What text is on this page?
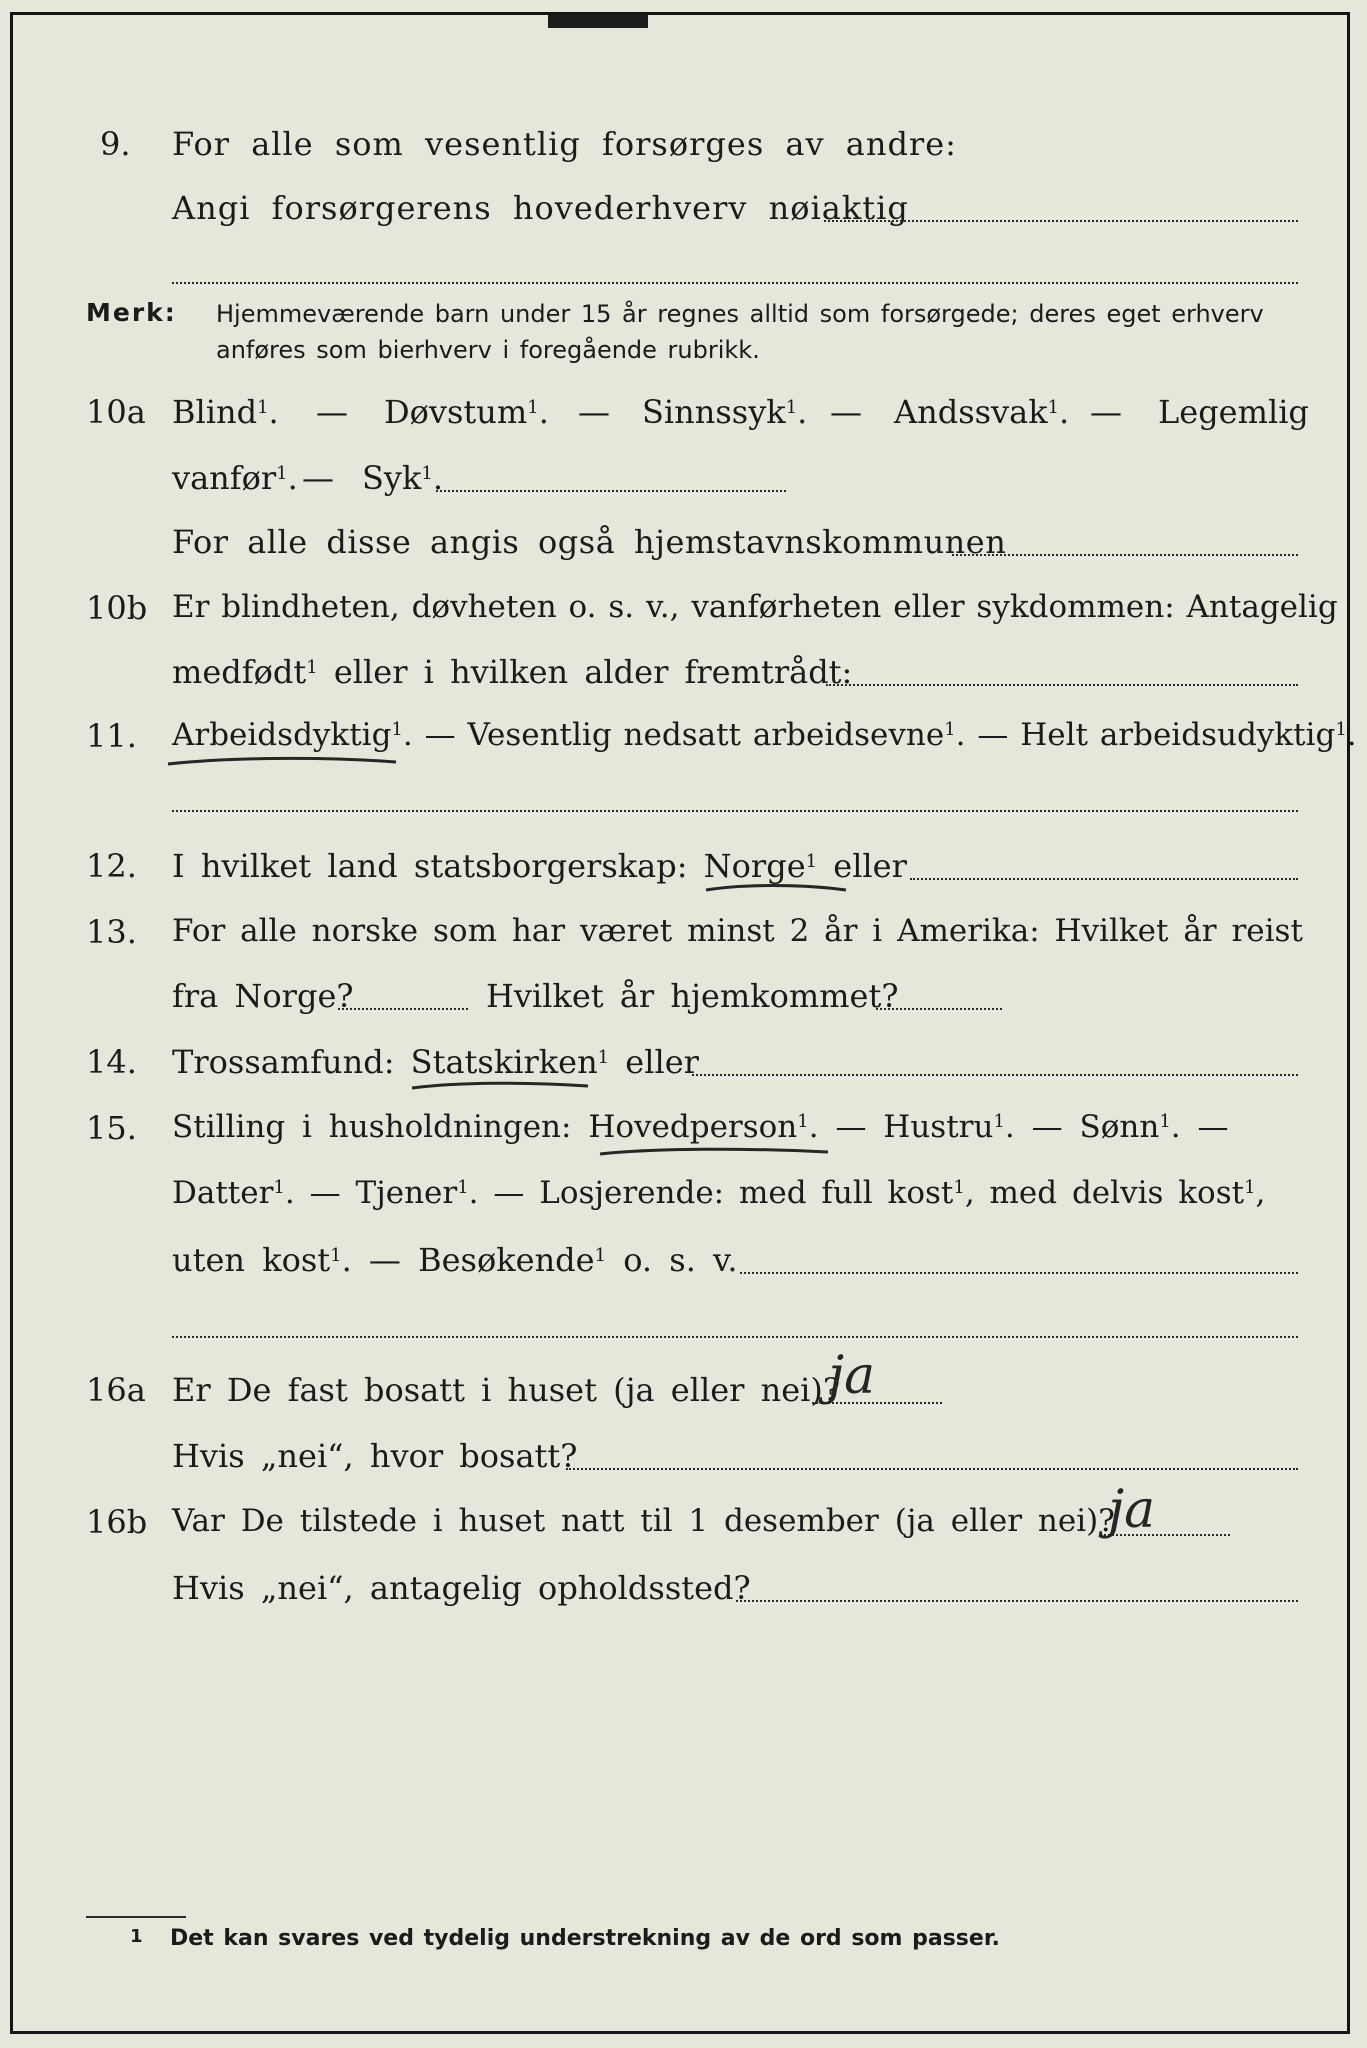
9. For alle som vesentlig forsørges av andre:
Angi forsørgerens hovederhverv nøiaktig
Merk: Hjemmeværende barn under 15 år regnes alltid som forsørgede; deres eget erhverv
anføres som bierhverv i foregående rubrikk.
10a Blind$^1$. — Døvstum$^1$. — Sinnssyk$^1$. — Andssvak$^1$. — Legemlig
vanfør$^1$. — Syk$^1$.
For alle disse angis også hjemstavnskommunen
10b Er blindheten, døvheten o. s. v., vanførheten eller sykdommen: Antagelig
medfødt$^1$ eller i hvilken alder fremtrådt:
11. Arbeidsdyktig$^1$. — Vesentlig nedsatt arbeidsevne$^1$. — Helt arbeidsudyktig$^1$.
12. I hvilket land statsborgerskap: Norge$^1$ eller
13. For alle norske som har været minst 2 år i Amerika: Hvilket år reist
fra Norge?	Hvilket år hjemkommet?
14. Trossamfund: Statskirken$^1$ eller
15. Stilling i husholdningen: Hovedperson$^1$. — Hustru$^1$. — Sønn$^1$. —
Datter$^1$. — Tjener$^1$. — Losjerende: med full kost$^1$, med delvis kost$^1$,
uten kost$^1$. — Besøkende$^1$ o. s. v.
16a Er De fast bosatt i huset (ja eller nei)?
ja
Hvis „nei“, hvor bosatt?
16b Var De tilstede i huset natt til 1 desember (ja eller nei)?
ja
Hvis „nei“, antagelig opholdssted?
1 Det kan svares ved tydelig understrekning av de ord som passer.
